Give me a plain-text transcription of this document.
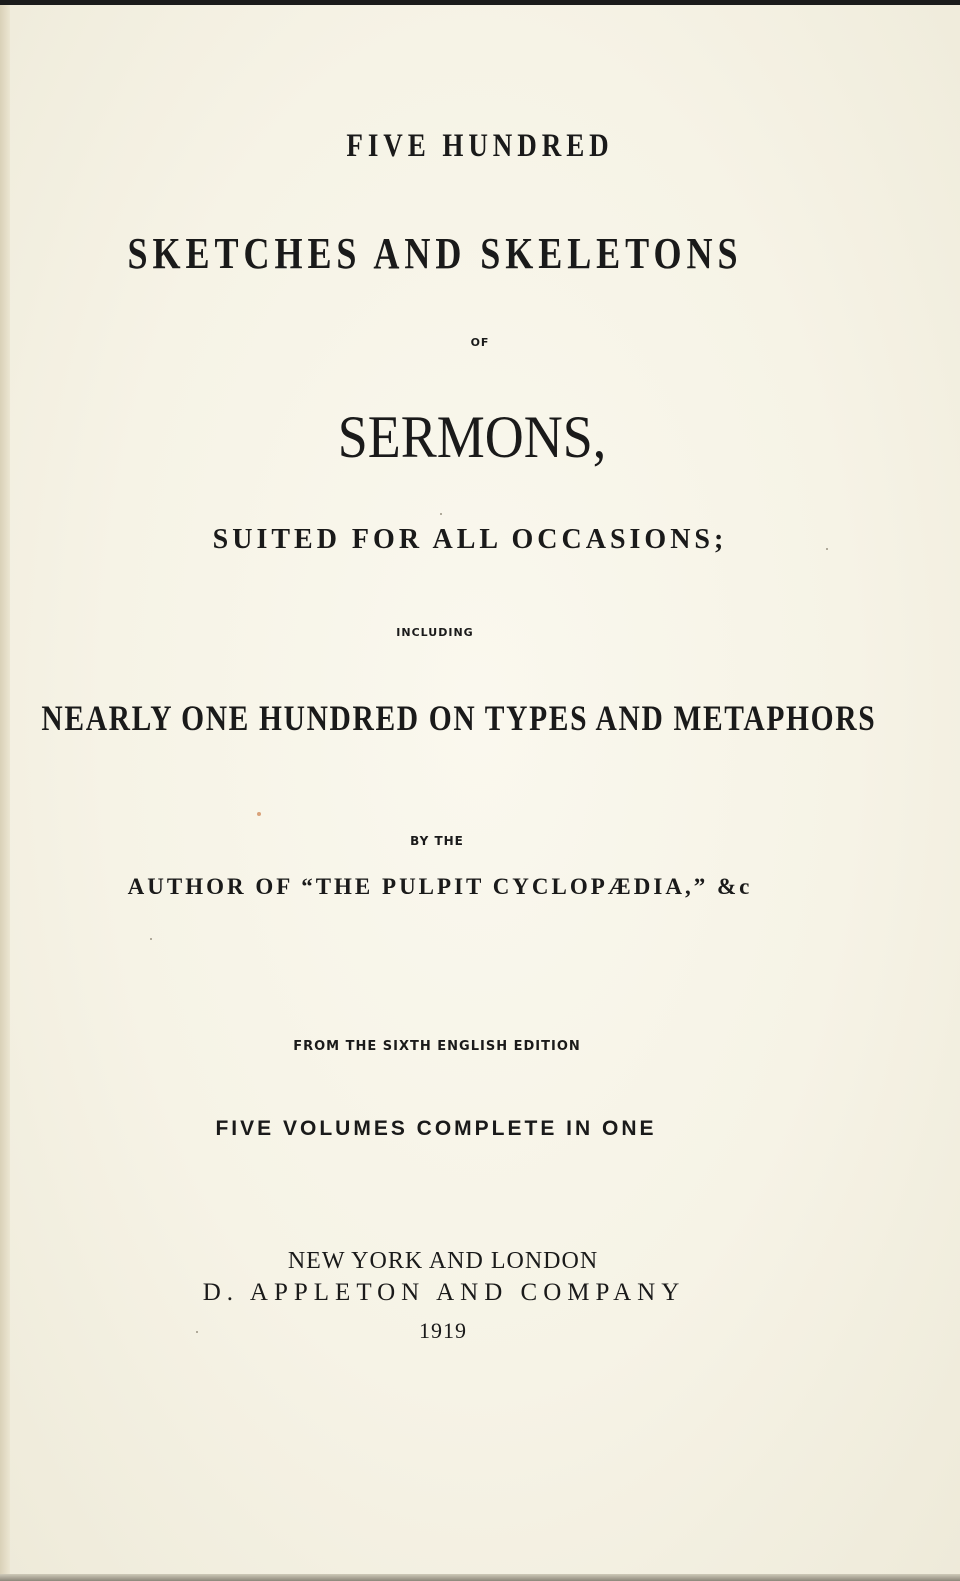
FIVE HUNDRED
SKETCHES AND SKELETONS
OF
SERMONS,
SUITED FOR ALL OCCASIONS;
INCLUDING
NEARLY ONE HUNDRED ON TYPES AND METAPHORS
BY THE
AUTHOR OF “THE PULPIT CYCLOPÆDIA,” &c
FROM THE SIXTH ENGLISH EDITION
FIVE VOLUMES COMPLETE IN ONE
NEW YORK AND LONDON
D. APPLETON AND COMPANY
1919
